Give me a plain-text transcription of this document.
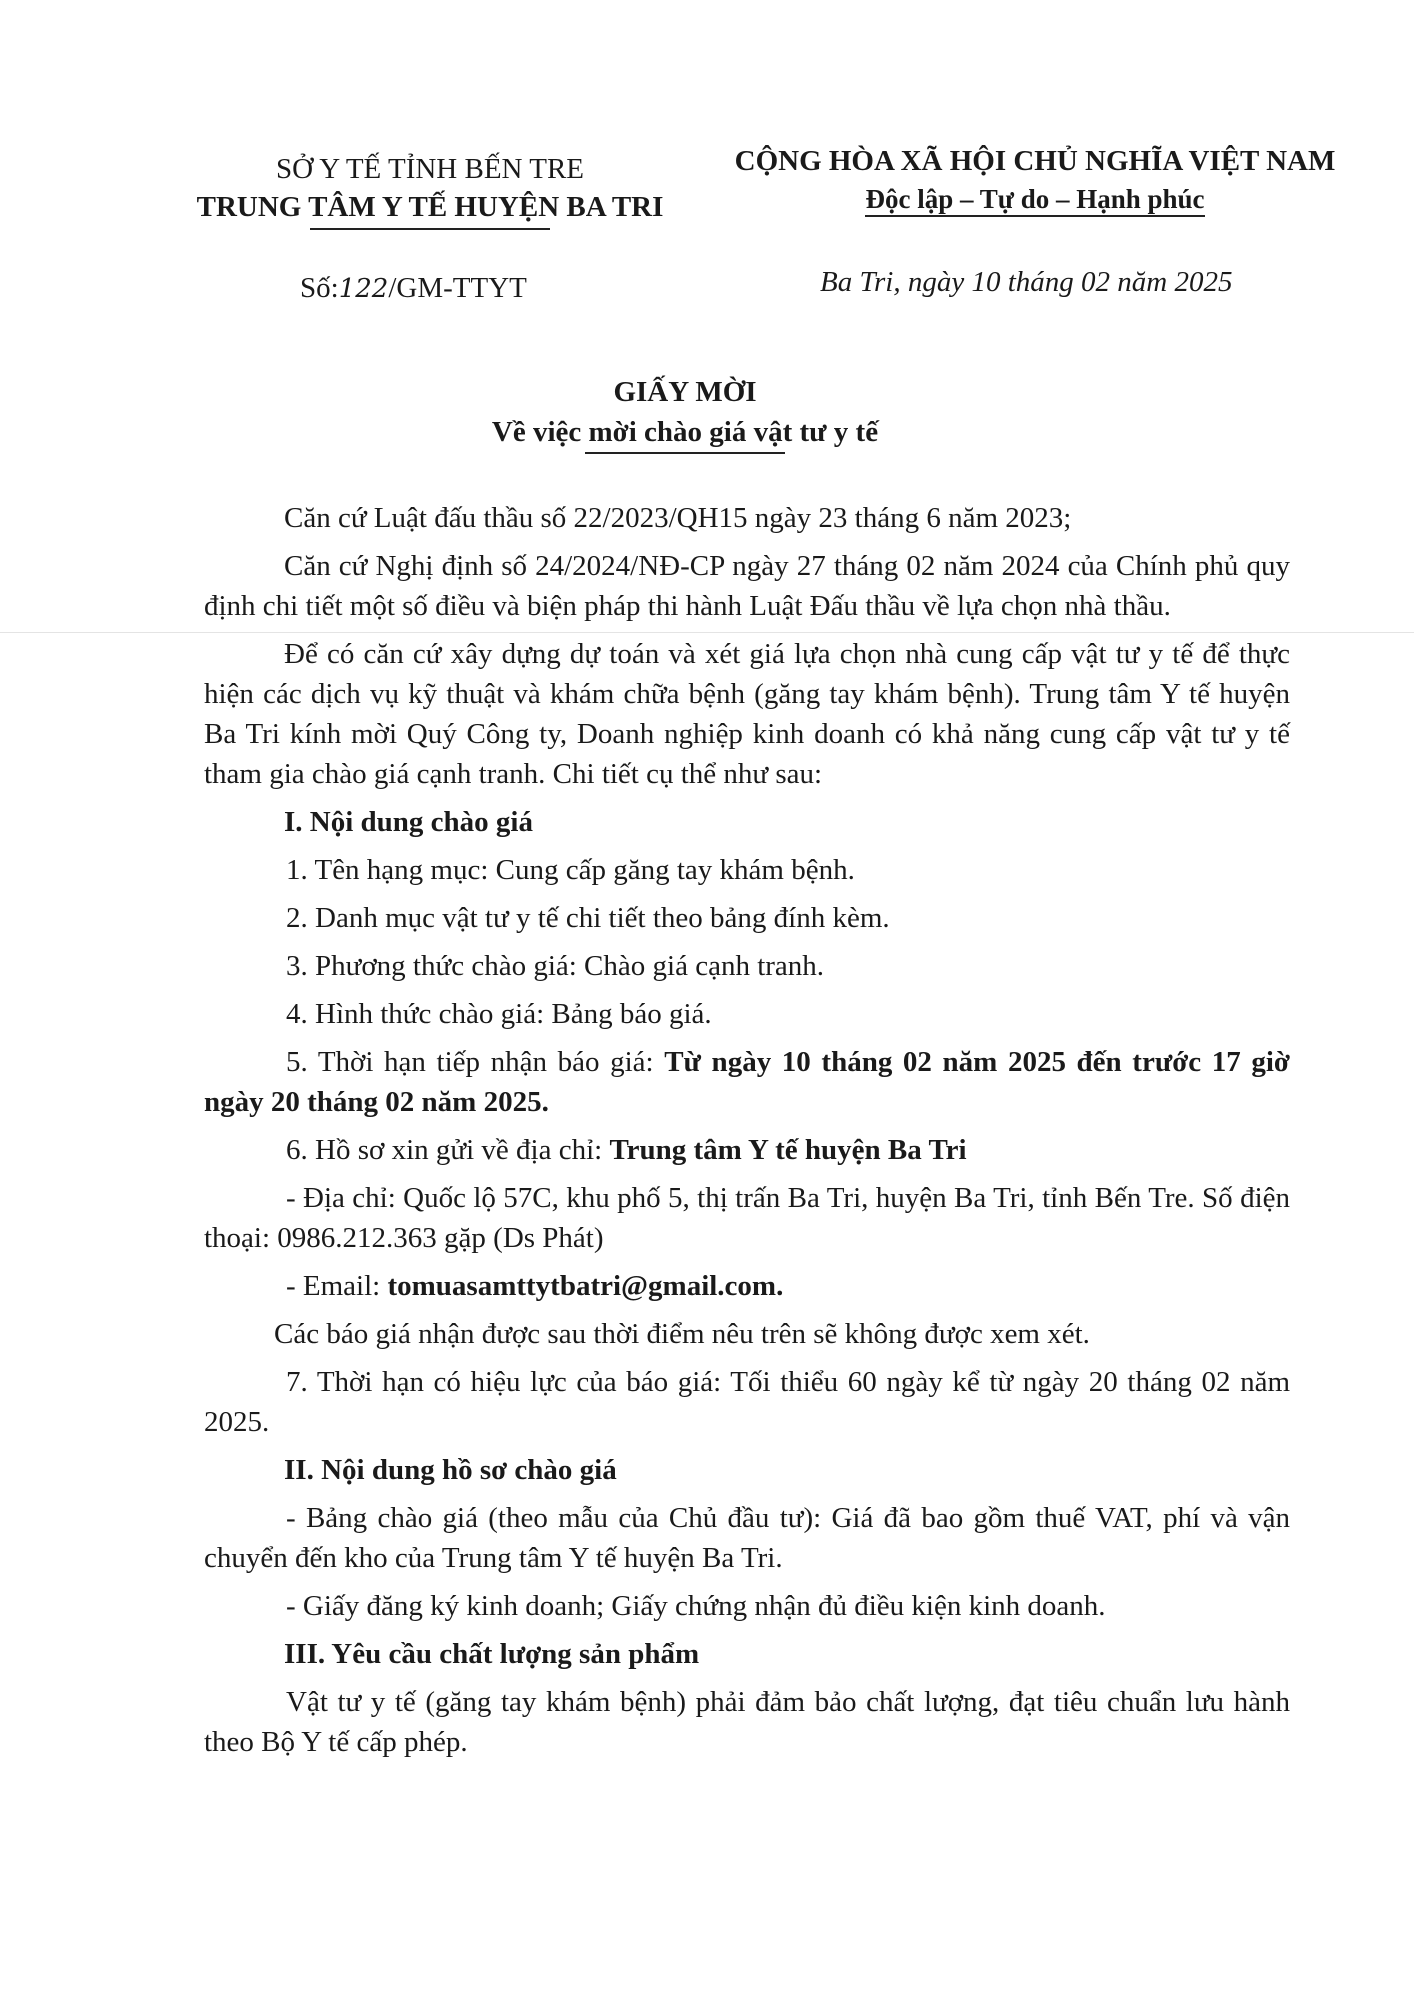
SỞ Y TẾ TỈNH BẾN TRE
TRUNG TÂM Y TẾ HUYỆN BA TRI
CỘNG HÒA XÃ HỘI CHỦ NGHĨA VIỆT NAM
Độc lập – Tự do – Hạnh phúc
Số:122/GM-TTYT	Ba Tri, ngày 10 tháng 02 năm 2025
GIẤY MỜI
Về việc mời chào giá vật tư y tế

Căn cứ Luật đấu thầu số 22/2023/QH15 ngày 23 tháng 6 năm 2023;

Căn cứ Nghị định số 24/2024/NĐ-CP ngày 27 tháng 02 năm 2024 của Chính phủ quy định chi tiết một số điều và biện pháp thi hành Luật Đấu thầu về lựa chọn nhà thầu.

Để có căn cứ xây dựng dự toán và xét giá lựa chọn nhà cung cấp vật tư y tế để thực hiện các dịch vụ kỹ thuật và khám chữa bệnh (găng tay khám bệnh). Trung tâm Y tế huyện Ba Tri kính mời Quý Công ty, Doanh nghiệp kinh doanh có khả năng cung cấp vật tư y tế tham gia chào giá cạnh tranh. Chi tiết cụ thể như sau:

I. Nội dung chào giá

1. Tên hạng mục: Cung cấp găng tay khám bệnh.

2. Danh mục vật tư y tế chi tiết theo bảng đính kèm.

3. Phương thức chào giá: Chào giá cạnh tranh.

4. Hình thức chào giá: Bảng báo giá.

5. Thời hạn tiếp nhận báo giá: Từ ngày 10 tháng 02 năm 2025 đến trước 17 giờ ngày 20 tháng 02 năm 2025.

6. Hồ sơ xin gửi về địa chỉ: Trung tâm Y tế huyện Ba Tri

- Địa chỉ: Quốc lộ 57C, khu phố 5, thị trấn Ba Tri, huyện Ba Tri, tỉnh Bến Tre. Số điện thoại: 0986.212.363 gặp (Ds Phát)

- Email: tomuasamttytbatri@gmail.com.

Các báo giá nhận được sau thời điểm nêu trên sẽ không được xem xét.

7. Thời hạn có hiệu lực của báo giá: Tối thiểu 60 ngày kể từ ngày 20 tháng 02 năm 2025.

II. Nội dung hồ sơ chào giá

- Bảng chào giá (theo mẫu của Chủ đầu tư): Giá đã bao gồm thuế VAT, phí và vận chuyển đến kho của Trung tâm Y tế huyện Ba Tri.

- Giấy đăng ký kinh doanh; Giấy chứng nhận đủ điều kiện kinh doanh.

III. Yêu cầu chất lượng sản phẩm

Vật tư y tế (găng tay khám bệnh) phải đảm bảo chất lượng, đạt tiêu chuẩn lưu hành theo Bộ Y tế cấp phép.
